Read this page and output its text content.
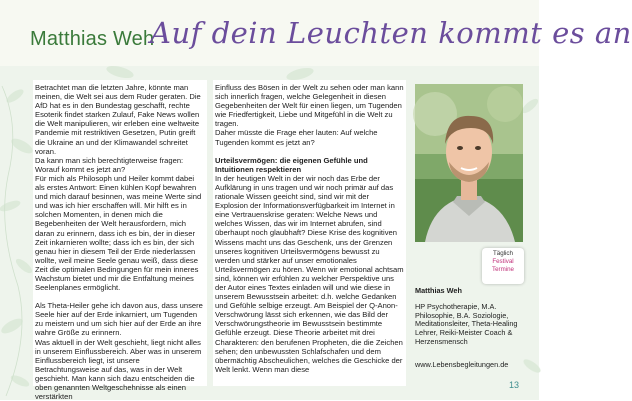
Matthias Weh
Auf dein Leuchten kommt es an

Betrachtet man die letzten Jahre, könnte man meinen, die Welt sei aus dem Ruder geraten. Die AfD hat es in den Bundestag geschafft, rechte Esoterik findet starken Zulauf, Fake News wollen die Welt manipulieren, wir erleben eine weltweite Pandemie mit restriktiven Gesetzen, Putin greift die Ukraine an und der Klimawandel schreitet voran.

Da kann man sich berechtigterweise fragen: Worauf kommt es jetzt an?

Für mich als Philosoph und Heiler kommt dabei als erstes Antwort: Einen kühlen Kopf bewahren und mich darauf besinnen, was meine Werte sind und was ich hier erschaffen will. Mir hilft es in solchen Momenten, in denen mich die Begebenheiten der Welt herausfordern, mich daran zu erinnern, dass ich es bin, der in dieser Zeit inkarnieren wollte; dass ich es bin, der sich genau hier in diesem Teil der Erde niederlassen wollte, weil meine Seele genau weiß, dass diese Zeit die optimalen Bedingungen für mein inneres Wachstum bietet und mir die Entfaltung meines Seelenplanes ermöglicht.

Als Theta-Heiler gehe ich davon aus, dass unsere Seele hier auf der Erde inkarniert, um Tugenden zu meistern und um sich hier auf der Erde an ihre wahre Größe zu erinnern.

Was aktuell in der Welt geschieht, liegt nicht alles in unserem Einflussbereich. Aber was in unserem Einflussbereich liegt, ist unsere Betrachtungsweise auf das, was in der Welt geschieht. Man kann sich dazu entscheiden die oben genannten Weltgeschehnisse als einen verstärkten

Einfluss des Bösen in der Welt zu sehen oder man kann sich innerlich fragen, welche Gelegenheit in diesen Gegebenheiten der Welt für einen liegen, um Tugenden wie Friedfertigkeit, Liebe und Mitgefühl in die Welt zu tragen.

Daher müsste die Frage eher lauten: Auf welche Tugenden kommt es jetzt an?

Urteilsvermögen: die eigenen Gefühle und Intuitionen respektieren

In der heutigen Welt in der wir noch das Erbe der Aufklärung in uns tragen und wir noch primär auf das rationale Wissen geeicht sind, sind wir mit der Explosion der Informationsverfügbarkeit im Internet in eine Vertrauenskrise geraten: Welche News und welches Wissen, das wir im Internet abrufen, sind überhaupt noch glaubhaft? Diese Krise des kognitiven Wissens macht uns das Geschenk, uns der Grenzen unseres kognitiven Urteilsvermögens bewusst zu werden und stärker auf unser emotionales Urteilsvermögen zu hören. Wenn wir emotional achtsam sind, können wir erfühlen zu welcher Perspektive uns der Autor eines Textes einladen will und wie diese in unserem Bewusstsein arbeitet: d.h. welche Gedanken und Gefühle selbige erzeugt. Am Beispiel der Q-Anon-Verschwörung lässt sich erkennen, wie das Bild der Verschwörungstheorie im Bewusstsein bestimmte Gefühle erzeugt. Diese Theorie arbeitet mit drei Charakteren: den berufenen Propheten, die die Zeichen sehen; den unbewussten Schlafschafen und dem übermächtig Abscheulichen, welches die Geschicke der Welt lenkt. Wenn man diese

Täglich
Festival
Termine
Matthias Weh
HP Psychotherapie, M.A. Philosophie, B.A. Soziologie, Meditationsleiter, Theta-Healing Lehrer, Reiki-Meister Coach & Herzensmensch
www.Lebensbegleitungen.de
13
